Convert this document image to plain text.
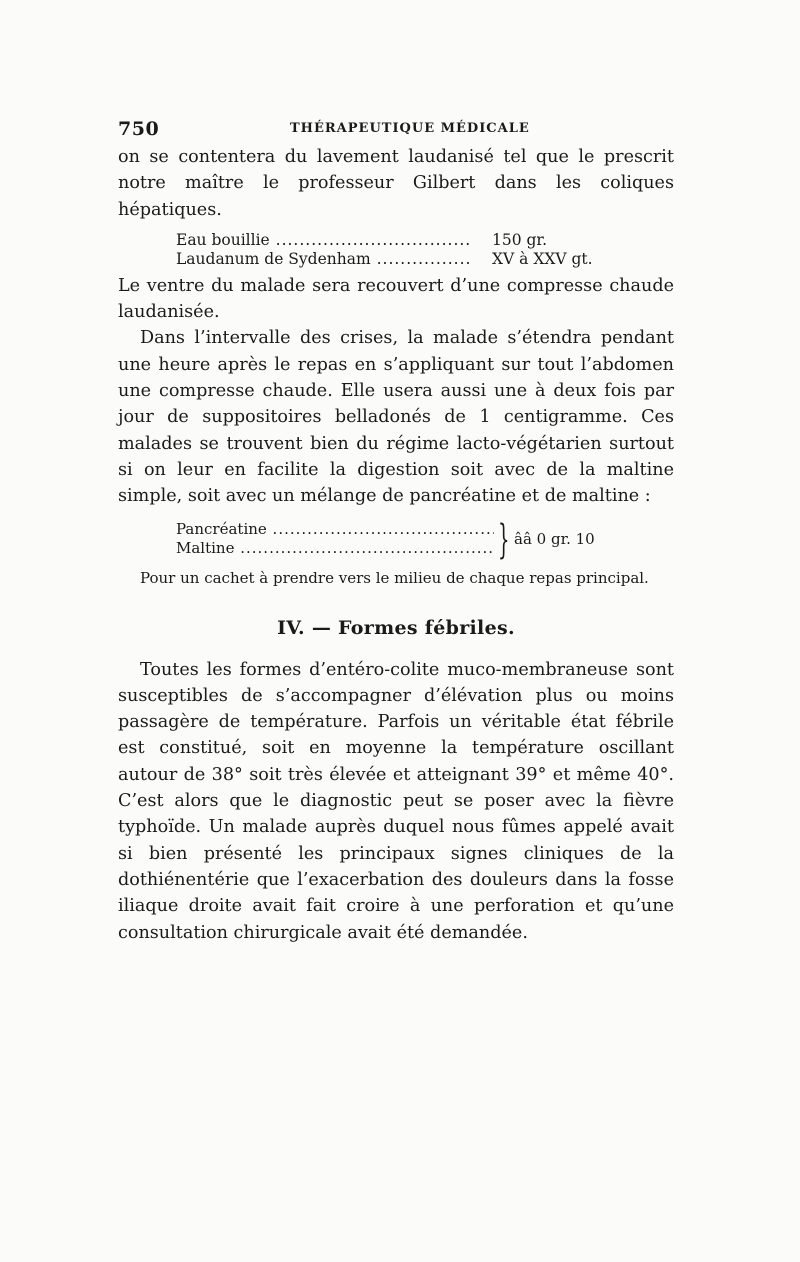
750	THÉRAPEUTIQUE MÉDICALE

on se contentera du lavement laudanisé tel que le prescrit notre maître le professeur Gilbert dans les coliques hépatiques.

Eau bouillie .....	150 gr.
Laudanum de Sydenham .....	XV à XXV gt.

Le ventre du malade sera recouvert d’une compresse chaude laudanisée.

Dans l’intervalle des crises, la malade s’étendra pendant une heure après le repas en s’appliquant sur tout l’abdomen une compresse chaude. Elle usera aussi une à deux fois par jour de suppositoires belladonés de 1 centigramme. Ces malades se trouvent bien du régime lacto-végétarien surtout si on leur en facilite la digestion soit avec de la maltine simple, soit avec un mélange de pancréatine et de maltine :

Pancréatine .....
Maltine .....	} ââ 0 gr. 10

Pour un cachet à prendre vers le milieu de chaque repas principal.

IV. — Formes fébriles.

Toutes les formes d’entéro-colite muco-membraneuse sont susceptibles de s’accompagner d’élévation plus ou moins passagère de température. Parfois un véritable état fébrile est constitué, soit en moyenne la température oscillant autour de 38° soit très élevée et atteignant 39° et même 40°. C’est alors que le diagnostic peut se poser avec la fièvre typhoïde. Un malade auprès duquel nous fûmes appelé avait si bien présenté les principaux signes cliniques de la dothiénentérie que l’exacerbation des douleurs dans la fosse iliaque droite avait fait croire à une perforation et qu’une consultation chirurgicale avait été demandée.
